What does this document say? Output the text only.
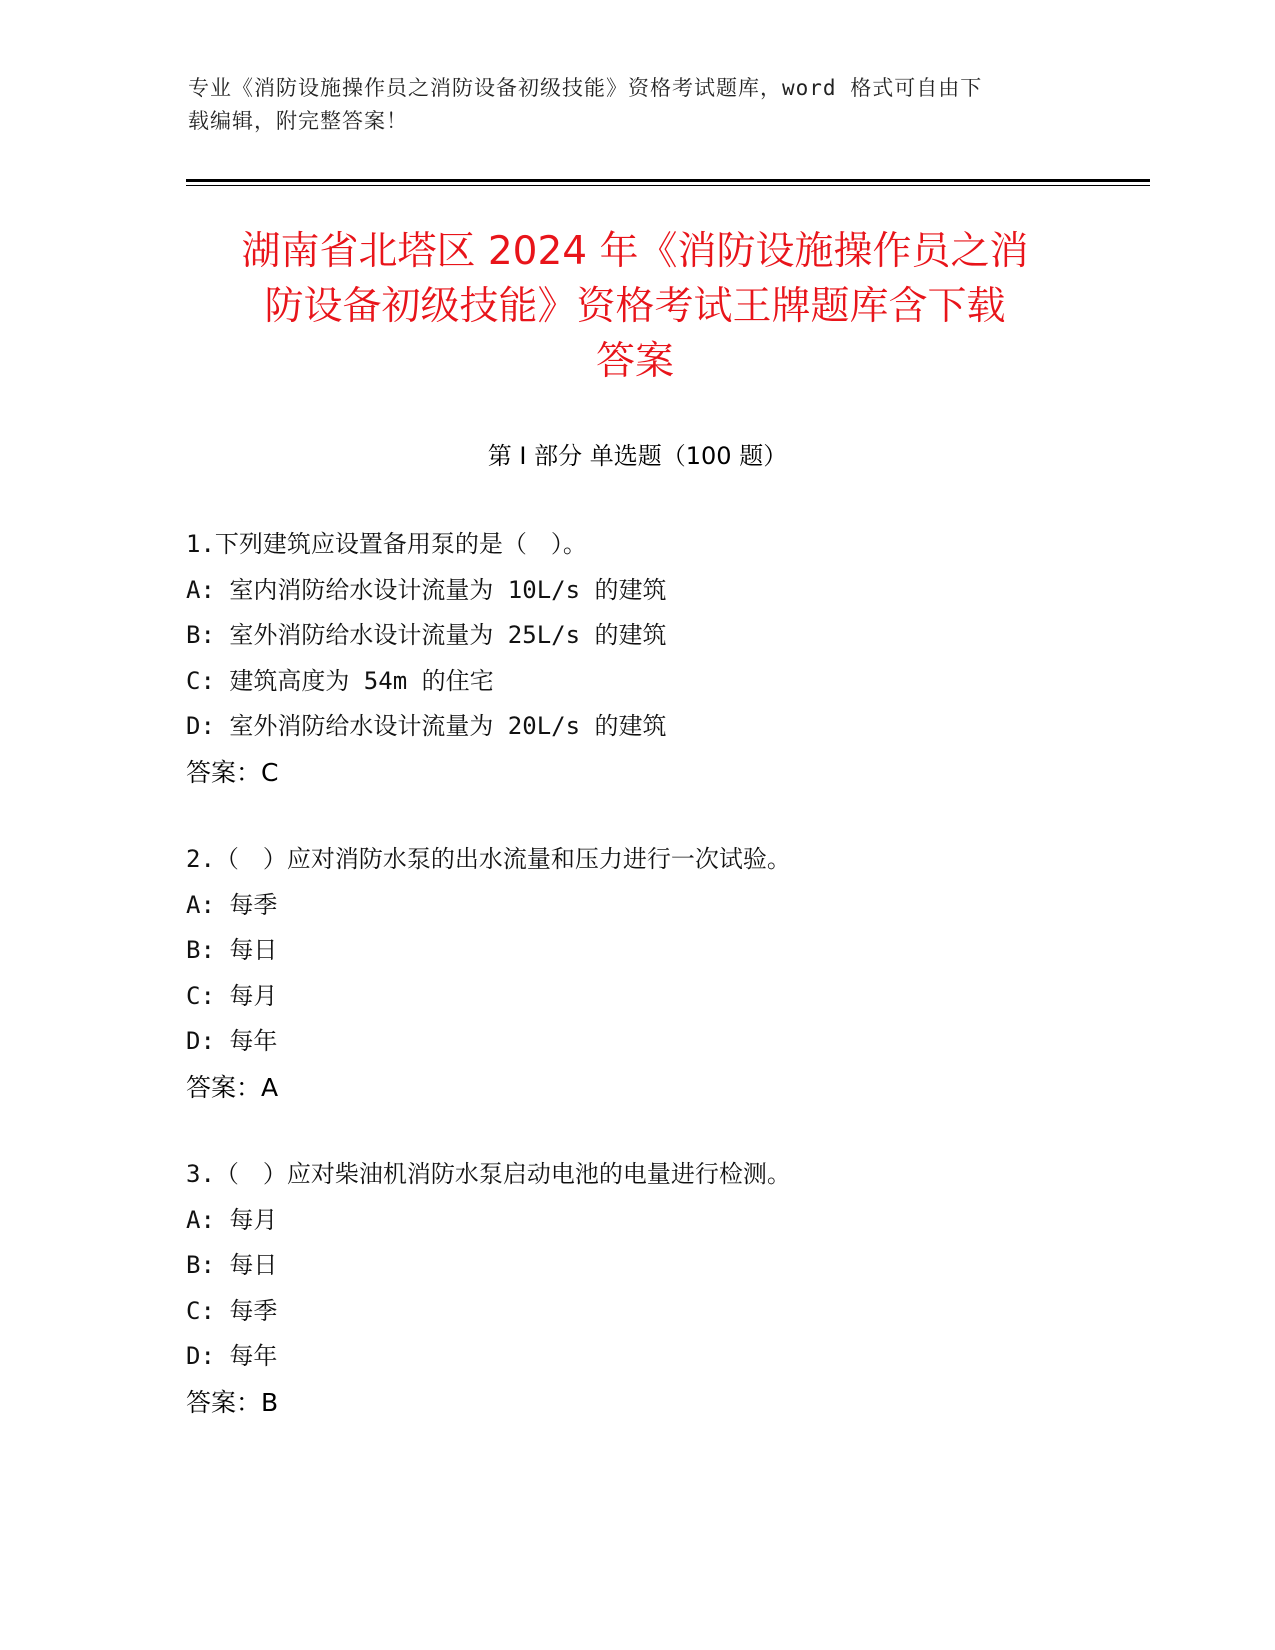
专业《消防设施操作员之消防设备初级技能》资格考试题库，word 格式可自由下
载编辑，附完整答案！
湖南省北塔区 2024 年《消防设施操作员之消
防设备初级技能》资格考试王牌题库含下载
答案
第 I 部分 单选题（100 题）
1.下列建筑应设置备用泵的是（　）。
A: 室内消防给水设计流量为 10L/s 的建筑
B: 室外消防给水设计流量为 25L/s 的建筑
C: 建筑高度为 54m 的住宅
D: 室外消防给水设计流量为 20L/s 的建筑
答案：C
2.（　）应对消防水泵的出水流量和压力进行一次试验。
A: 每季
B: 每日
C: 每月
D: 每年
答案：A
3.（　）应对柴油机消防水泵启动电池的电量进行检测。
A: 每月
B: 每日
C: 每季
D: 每年
答案：B
